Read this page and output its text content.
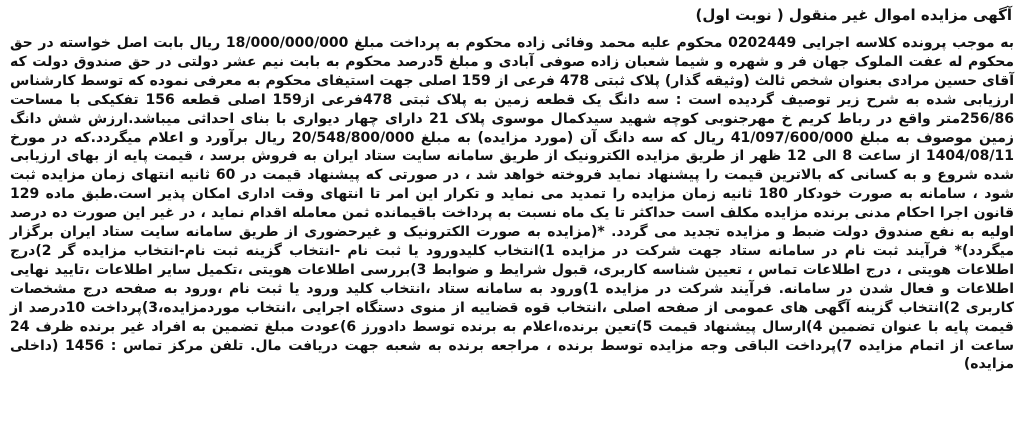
آگهی مزایده اموال غیر منقول ( نوبت اول)

به موجب پرونده کلاسه اجرایی 0202449 محکوم علیه محمد وفائی زاده محکوم به پرداخت مبلغ 18/000/000/000 ریال بابت اصل خواسته در حق محکوم له عفت الملوک جهان فر و شهره و شیما شعبان زاده صوفی آبادی و مبلغ 5درصد محکوم به بابت نیم عشر دولتی در حق صندوق دولت که آقای حسین مرادی بعنوان شخص ثالث (وثیقه گذار) پلاک ثبتی 478 فرعی از 159 اصلی جهت استیفای محکوم به معرفی نموده که توسط کارشناس ارزیابی شده به شرح زیر توصیف گردیده است : سه دانگ یک قطعه زمین به پلاک ثبتی 478فرعی از159 اصلی قطعه 156 تفکیکی با مساحت 256/86متر واقع در رباط کریم خ مهرجنوبی کوچه شهید سیدکمال موسوی پلاک 21 دارای چهار دیواری با بنای احداثی میباشد.ارزش شش دانگ زمین موصوف به مبلغ 41/097/600/000 ریال که سه دانگ آن (مورد مزایده) به مبلغ 20/548/800/000 ریال برآورد و اعلام میگردد.که در مورخ 1404/08/11 از ساعت 8 الی 12 ظهر از طریق مزایده الکترونیک از طریق سامانه سایت ستاد ایران به فروش برسد ، قیمت پایه از بهای ارزیابی شده شروع و به کسانی که بالاترین قیمت را پیشنهاد نماید فروخته خواهد شد ، در صورتی که پیشنهاد قیمت در 60 ثانیه انتهای زمان مزایده ثبت شود ، سامانه به صورت خودکار 180 ثانیه زمان مزایده را تمدید می نماید و تکرار این امر تا انتهای وقت اداری امکان پذیر است.طبق ماده 129 قانون اجرا احکام مدنی برنده مزایده مکلف است حداکثر تا یک ماه نسبت به پرداخت باقیمانده ثمن معامله اقدام نماید ، در غیر این صورت ده درصد اولیه به نفع صندوق دولت ضبط و مزایده تجدید می گردد. *(مزایده به صورت الکترونیک و غیرحضوری از طریق سامانه سایت ستاد ایران برگزار میگردد)* فرآیند ثبت نام در سامانه ستاد جهت شرکت در مزایده 1)انتخاب کلیدورود یا ثبت نام -انتخاب گزینه ثبت نام-انتخاب مزایده گر 2)درج اطلاعات هویتی ، درج اطلاعات تماس ، تعیین شناسه کاربری، قبول شرایط و ضوابط 3)بررسی اطلاعات هویتی ،تکمیل سایر اطلاعات ،تایید نهایی اطلاعات و فعال شدن در سامانه. فرآیند شرکت در مزایده 1)ورود به سامانه ستاد ،انتخاب کلید ورود یا ثبت نام ،ورود به صفحه درج مشخصات کاربری 2)انتخاب گزینه آگهی های عمومی از صفحه اصلی ،انتخاب قوه قضاییه از منوی دستگاه اجرایی ،انتخاب موردمزایده،3)پرداخت 10درصد از قیمت پایه با عنوان تضمین 4)ارسال پیشنهاد قیمت 5)تعین برنده،اعلام به برنده توسط دادورز 6)عودت مبلغ تضمین به افراد غیر برنده ظرف 24 ساعت از اتمام مزایده 7)پرداخت الباقی وجه مزایده توسط برنده ، مراجعه برنده به شعبه جهت دریافت مال. تلفن مرکز تماس : 1456 (داخلی مزایده)
